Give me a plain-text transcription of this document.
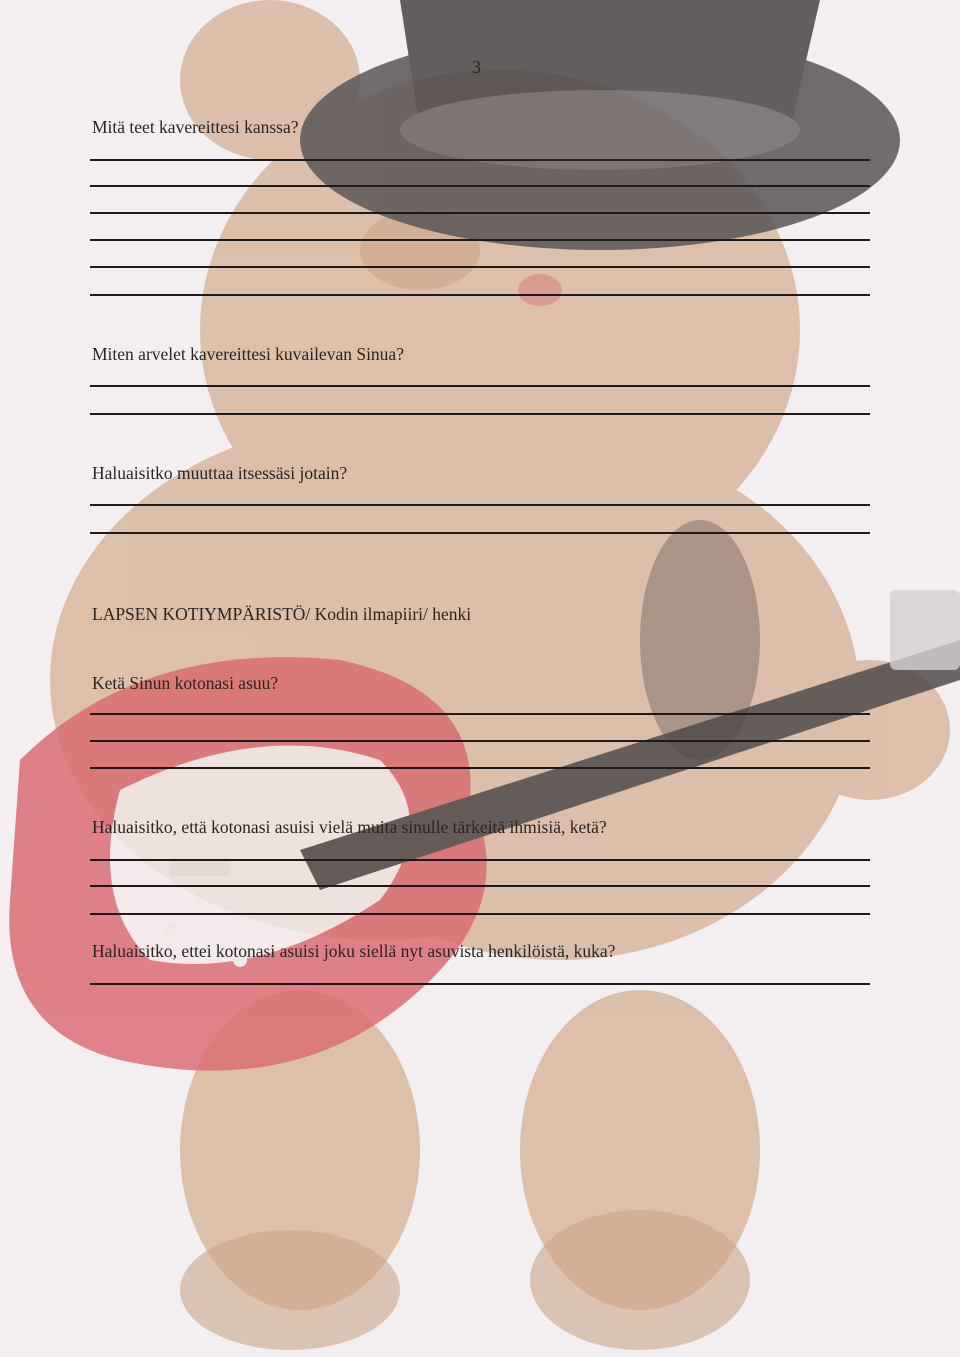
3
Mitä teet kavereittesi kanssa?
Miten arvelet kavereittesi kuvailevan Sinua?
Haluaisitko muuttaa itsessäsi jotain?
LAPSEN KOTIYMPÄRISTÖ/ Kodin ilmapiiri/ henki
Ketä Sinun kotonasi asuu?
Haluaisitko, että kotonasi asuisi vielä muita sinulle tärkeitä ihmisiä, ketä?
Haluaisitko, ettei kotonasi asuisi joku siellä nyt asuvista henkilöistä, kuka?
